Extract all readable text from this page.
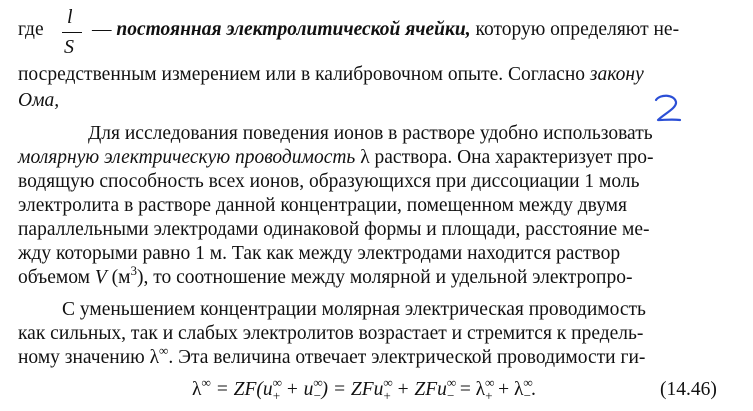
где
l
S
— постоянная электролитической ячейки, которую определяют не-
посредственным измерением или в калибровочном опыте. Согласно закону
Ома,
Для исследования поведения ионов в растворе удобно использовать
молярную электрическую проводимость λ раствора. Она характеризует про-
водящую способность всех ионов, образующихся при диссоциации 1 моль
электролита в растворе данной концентрации, помещенном между двумя
параллельными электродами одинаковой формы и площади, расстояние ме-
жду которыми равно 1 м. Так как между электродами находится раствор
объемом V $(м^3)$, то соотношение между молярной и удельной электропро-
С уменьшением концентрации молярная электрическая проводимость
как сильных, так и слабых электролитов возрастает и стремится к предель-
ному значению λ∞. Эта величина отвечает электрической проводимости ги-
$\lambda^\infty = ZF(u^\infty_+ + u^\infty_-) = ZFu^\infty_+ + ZFu^\infty_- = \lambda^\infty_+ + \lambda^\infty_-$.	(14.46)
